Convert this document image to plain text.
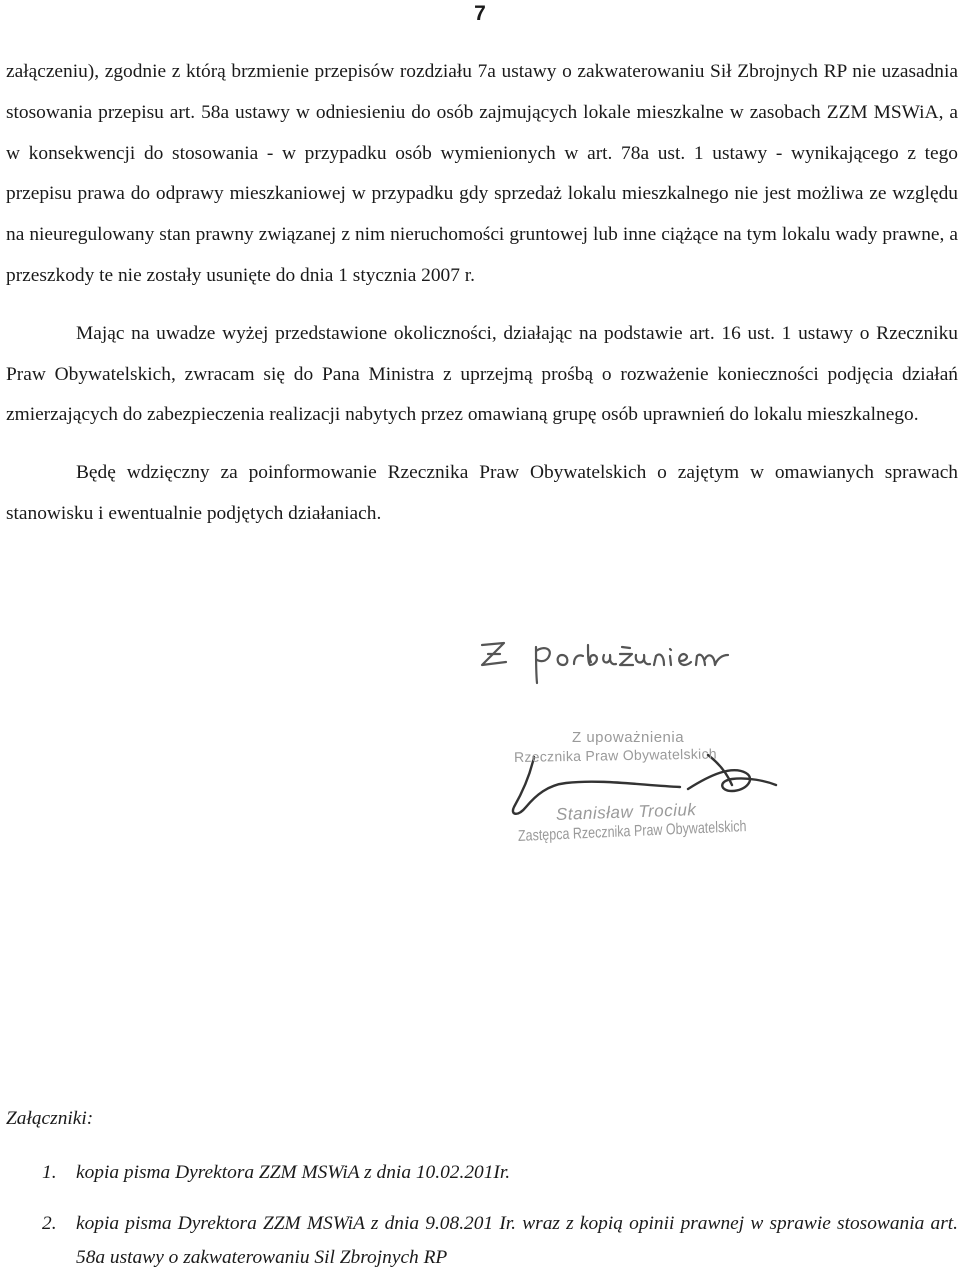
7

załączeniu), zgodnie z którą brzmienie przepisów rozdziału 7a ustawy o zakwaterowaniu Sił Zbrojnych RP nie uzasadnia stosowania przepisu art. 58a ustawy w odniesieniu do osób zajmujących lokale mieszkalne w zasobach ZZM MSWiA, a w konsekwencji do stosowania - w przypadku osób wymienionych w art. 78a ust. 1 ustawy - wynikającego z tego przepisu prawa do odprawy mieszkaniowej w przypadku gdy sprzedaż lokalu mieszkalnego nie jest możliwa ze względu na nieuregulowany stan prawny związanej z nim nieruchomości gruntowej lub inne ciążące na tym lokalu wady prawne, a przeszkody te nie zostały usunięte do dnia 1 stycznia 2007 r.

Mając na uwadze wyżej przedstawione okoliczności, działając na podstawie art. 16 ust. 1 ustawy o Rzeczniku Praw Obywatelskich, zwracam się do Pana Ministra z uprzejmą prośbą o rozważenie konieczności podjęcia działań zmierzających do zabezpieczenia realizacji nabytych przez omawianą grupę osób uprawnień do lokalu mieszkalnego.

Będę wdzięczny za poinformowanie Rzecznika Praw Obywatelskich o zajętym w omawianych sprawach stanowisku i ewentualnie podjętych działaniach.

Z upoważnienia
Rzecznika Praw Obywatelskich
Stanisław Trociuk
Zastępca Rzecznika Praw Obywatelskich

Załączniki:

1. kopia pisma Dyrektora ZZM MSWiA z dnia 10.02.201Ir.
2. kopia pisma Dyrektora ZZM MSWiA z dnia 9.08.201 Ir. wraz z kopią opinii prawnej w sprawie stosowania art. 58a ustawy o zakwaterowaniu Sil Zbrojnych RP
